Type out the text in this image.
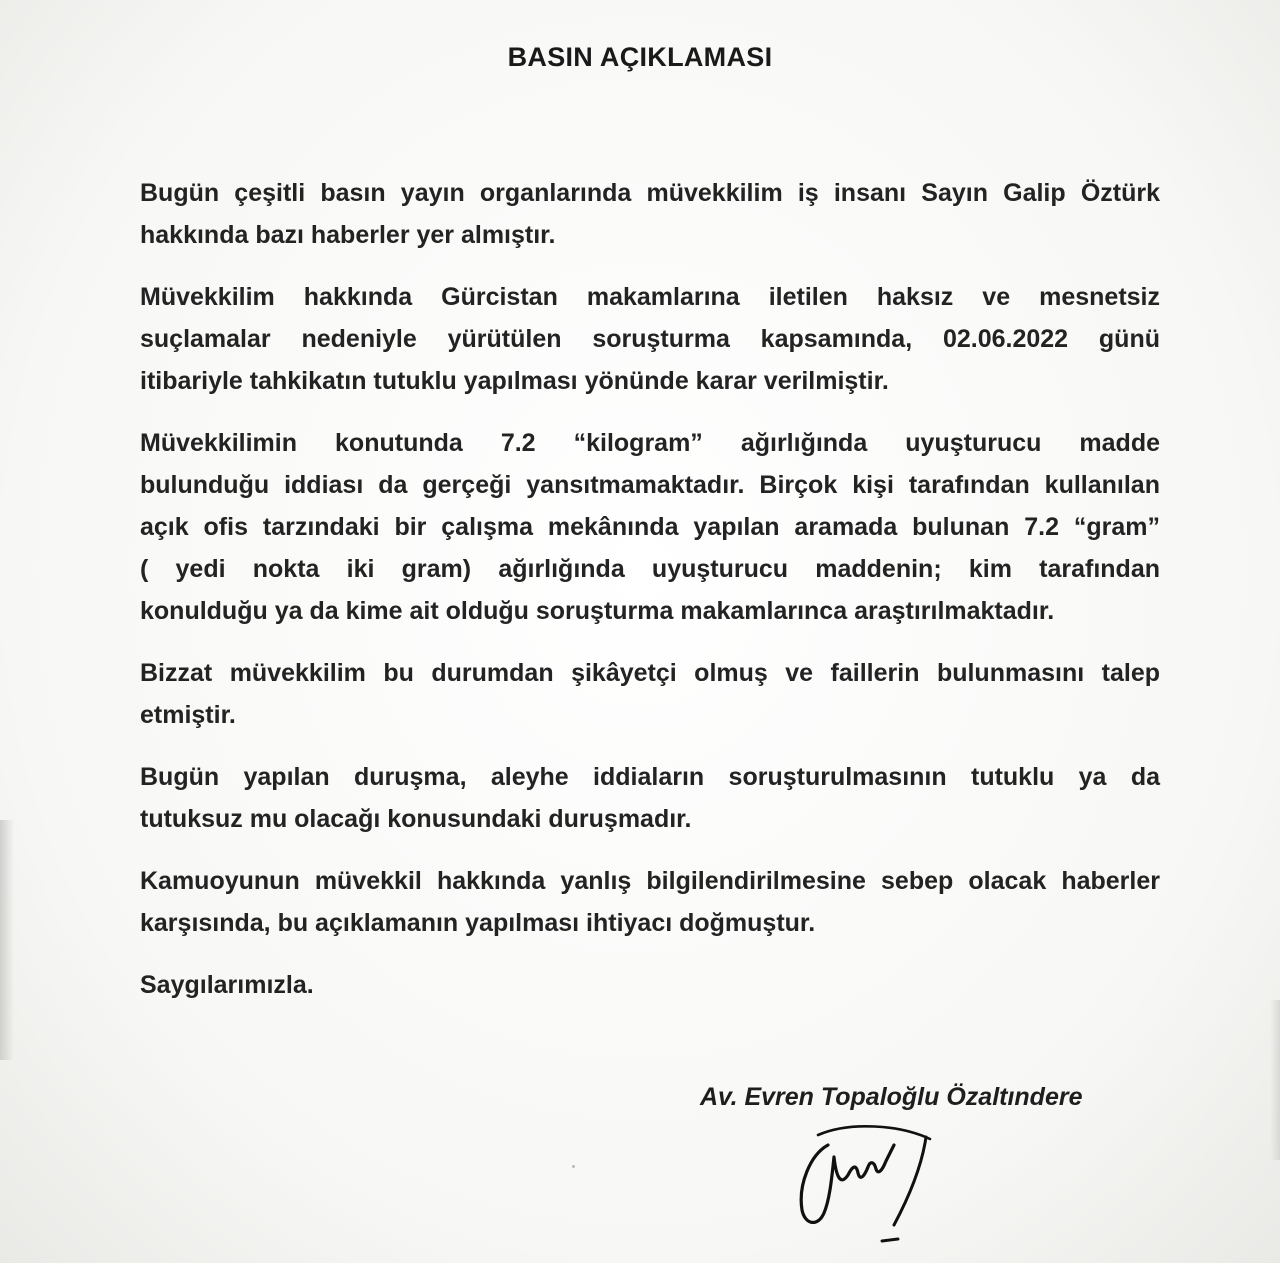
BASIN AÇIKLAMASI

Bugün çeşitli basın yayın organlarında müvekkilim iş insanı Sayın Galip Öztürk
hakkında bazı haberler yer almıştır.

Müvekkilim hakkında Gürcistan makamlarına iletilen haksız ve mesnetsiz
suçlamalar nedeniyle yürütülen soruşturma kapsamında, 02.06.2022 günü
itibariyle tahkikatın tutuklu yapılması yönünde karar verilmiştir.

Müvekkilimin konutunda 7.2 “kilogram” ağırlığında uyuşturucu madde
bulunduğu iddiası da gerçeği yansıtmamaktadır. Birçok kişi tarafından kullanılan
açık ofis tarzındaki bir çalışma mekânında yapılan aramada bulunan 7.2 “gram”
( yedi nokta iki gram) ağırlığında uyuşturucu maddenin; kim tarafından
konulduğu ya da kime ait olduğu soruşturma makamlarınca araştırılmaktadır.

Bizzat müvekkilim bu durumdan şikâyetçi olmuş ve faillerin bulunmasını talep
etmiştir.

Bugün yapılan duruşma, aleyhe iddiaların soruşturulmasının tutuklu ya da
tutuksuz mu olacağı konusundaki duruşmadır.

Kamuoyunun müvekkil hakkında yanlış bilgilendirilmesine sebep olacak haberler
karşısında, bu açıklamanın yapılması ihtiyacı doğmuştur.

Saygılarımızla.

Av. Evren Topaloğlu Özaltındere
